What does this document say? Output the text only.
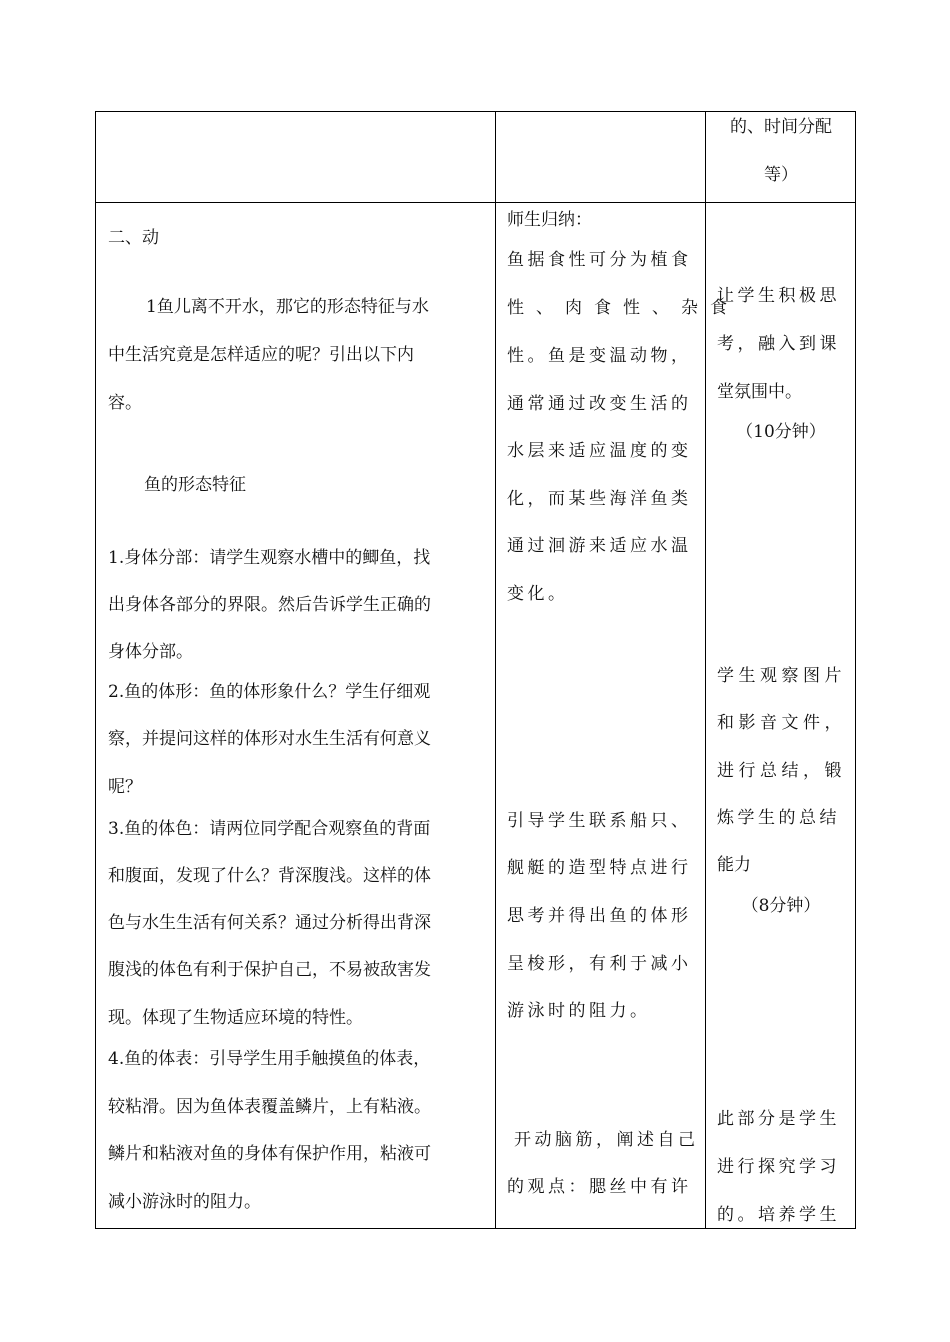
的、时间分配
等）
二、动
1鱼儿离不开水，那它的形态特征与水
中生活究竟是怎样适应的呢？引出以下内
容。
鱼的形态特征
1.身体分部：请学生观察水槽中的鲫鱼，找
出身体各部分的界限。然后告诉学生正确的
身体分部。
2.鱼的体形：鱼的体形象什么？学生仔细观
察，并提问这样的体形对水生生活有何意义
呢？
3.鱼的体色：请两位同学配合观察鱼的背面
和腹面，发现了什么？背深腹浅。这样的体
色与水生生活有何关系？通过分析得出背深
腹浅的体色有利于保护自己，不易被敌害发
现。体现了生物适应环境的特性。
4.鱼的体表：引导学生用手触摸鱼的体表，
较粘滑。因为鱼体表覆盖鳞片，上有粘液。
鳞片和粘液对鱼的身体有保护作用，粘液可
减小游泳时的阻力。
师生归纳：
鱼据食性可分为植食
性、肉食性、杂食
性。鱼是变温动物，
通常通过改变生活的
水层来适应温度的变
化，而某些海洋鱼类
通过洄游来适应水温
变化。
引导学生联系船只、
舰艇的造型特点进行
思考并得出鱼的体形
呈梭形，有利于减小
游泳时的阻力。
开动脑筋，阐述自己
的观点：腮丝中有许
让学生积极思
考，融入到课
堂氛围中。
（10分钟）
学生观察图片
和影音文件，
进行总结，锻
炼学生的总结
能力
（8分钟）
此部分是学生
进行探究学习
的。培养学生
